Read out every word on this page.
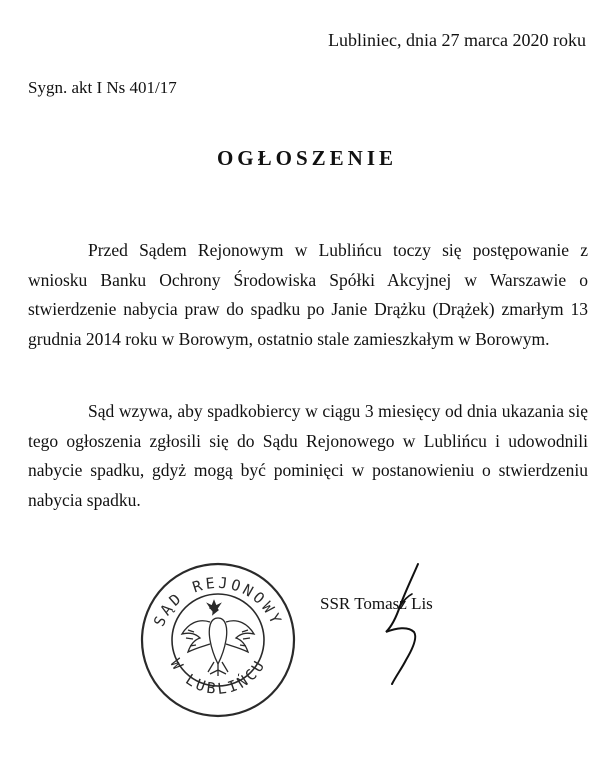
Lubliniec, dnia 27 marca 2020 roku
Sygn. akt I Ns 401/17
OGŁOSZENIE

Przed Sądem Rejonowym w Lublińcu toczy się postępowanie z wniosku Banku Ochrony Środowiska Spółki Akcyjnej w Warszawie o stwierdzenie nabycia praw do spadku po Janie Drążku (Drążek) zmarłym 13 grudnia 2014 roku w Borowym, ostatnio stale zamieszkałym w Borowym.

Sąd wzywa, aby spadkobiercy w ciągu 3 miesięcy od dnia ukazania się tego ogłoszenia zgłosili się do Sądu Rejonowego w Lublińcu i udowodnili nabycie spadku, gdyż mogą być pominięci w postanowieniu o stwierdzeniu nabycia spadku.

SĄD REJONOWY
W LUBLIŃCU
SSR Tomasz Lis
